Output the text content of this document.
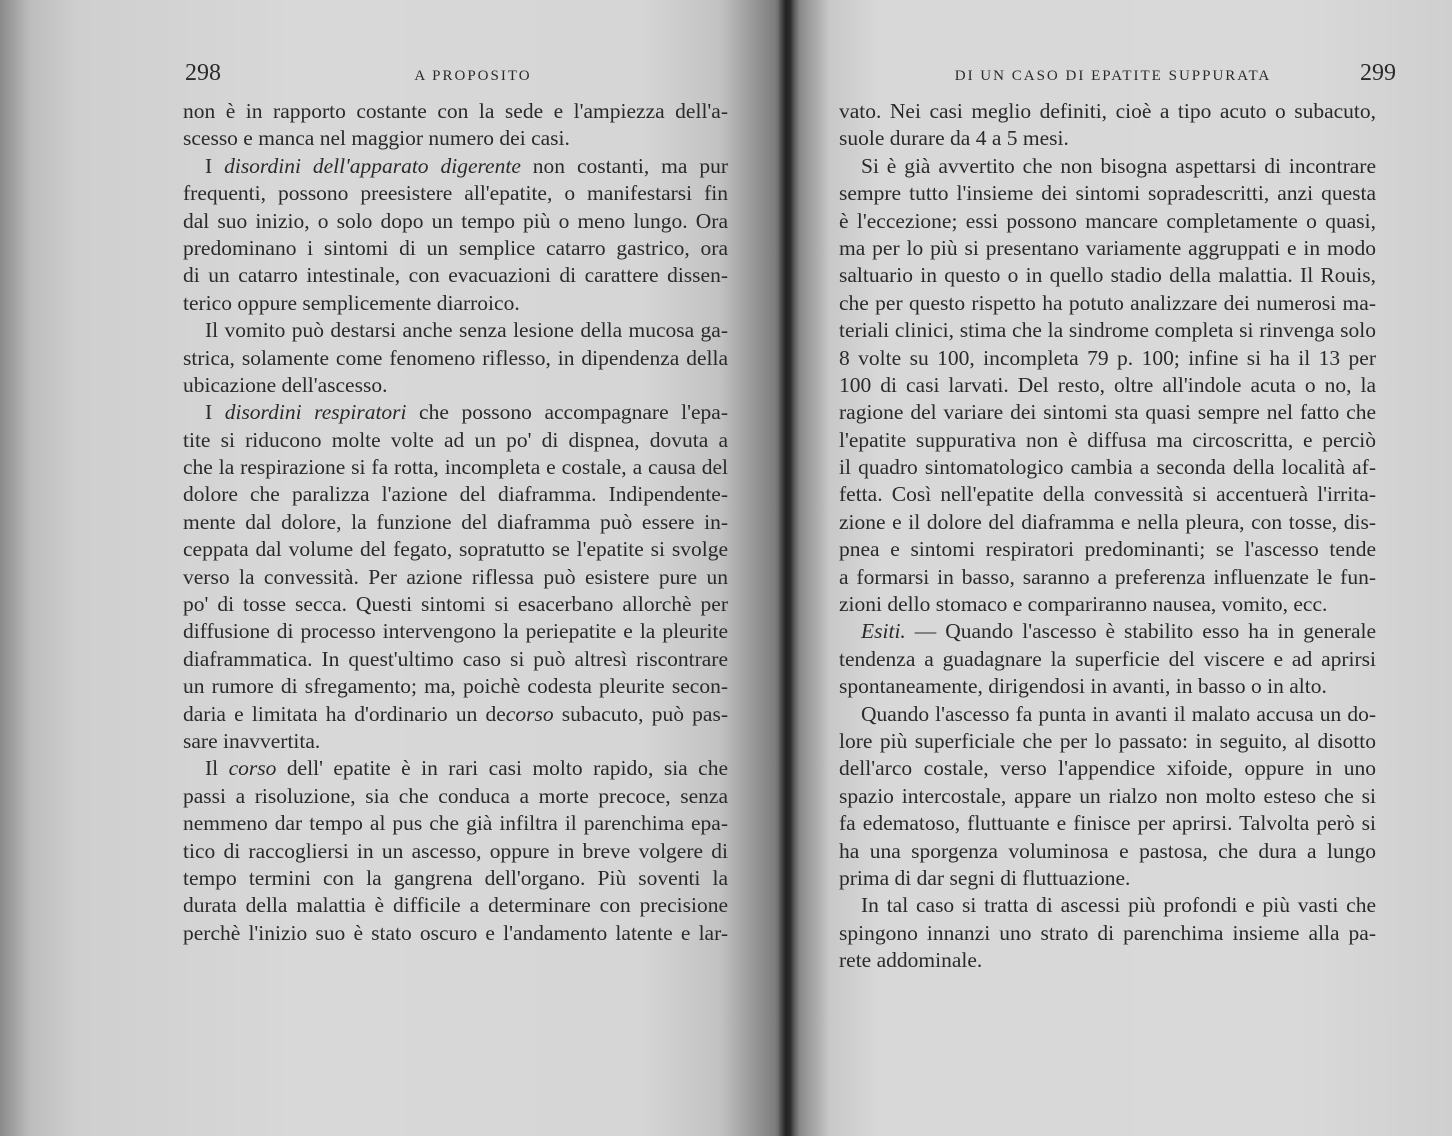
298	A PROPOSITO
non è in rapporto costante con la sede e l'ampiezza dell'a-
scesso e manca nel maggior numero dei casi.
I disordini dell'apparato digerente non costanti, ma pur
frequenti, possono preesistere all'epatite, o manifestarsi fin
dal suo inizio, o solo dopo un tempo più o meno lungo. Ora
predominano i sintomi di un semplice catarro gastrico, ora
di un catarro intestinale, con evacuazioni di carattere dissen-
terico oppure semplicemente diarroico.
Il vomito può destarsi anche senza lesione della mucosa ga-
strica, solamente come fenomeno riflesso, in dipendenza della
ubicazione dell'ascesso.
I disordini respiratori che possono accompagnare l'epa-
tite si riducono molte volte ad un po' di dispnea, dovuta a
che la respirazione si fa rotta, incompleta e costale, a causa del
dolore che paralizza l'azione del diaframma. Indipendente-
mente dal dolore, la funzione del diaframma può essere in-
ceppata dal volume del fegato, sopratutto se l'epatite si svolge
verso la convessità. Per azione riflessa può esistere pure un
po' di tosse secca. Questi sintomi si esacerbano allorchè per
diffusione di processo intervengono la periepatite e la pleurite
diaframmatica. In quest'ultimo caso si può altresì riscontrare
un rumore di sfregamento; ma, poichè codesta pleurite secon-
daria e limitata ha d'ordinario un decorso subacuto, può pas-
sare inavvertita.
Il corso dell' epatite è in rari casi molto rapido, sia che
passi a risoluzione, sia che conduca a morte precoce, senza
nemmeno dar tempo al pus che già infiltra il parenchima epa-
tico di raccogliersi in un ascesso, oppure in breve volgere di
tempo termini con la gangrena dell'organo. Più soventi la
durata della malattia è difficile a determinare con precisione
perchè l'inizio suo è stato oscuro e l'andamento latente e lar-
DI UN CASO DI EPATITE SUPPURATA	299
vato. Nei casi meglio definiti, cioè a tipo acuto o subacuto,
suole durare da 4 a 5 mesi.
Si è già avvertito che non bisogna aspettarsi di incontrare
sempre tutto l'insieme dei sintomi sopradescritti, anzi questa
è l'eccezione; essi possono mancare completamente o quasi,
ma per lo più si presentano variamente aggruppati e in modo
saltuario in questo o in quello stadio della malattia. Il Rouis,
che per questo rispetto ha potuto analizzare dei numerosi ma-
teriali clinici, stima che la sindrome completa si rinvenga solo
8 volte su 100, incompleta 79 p. 100; infine si ha il 13 per
100 di casi larvati. Del resto, oltre all'indole acuta o no, la
ragione del variare dei sintomi sta quasi sempre nel fatto che
l'epatite suppurativa non è diffusa ma circoscritta, e perciò
il quadro sintomatologico cambia a seconda della località af-
fetta. Così nell'epatite della convessità si accentuerà l'irrita-
zione e il dolore del diaframma e nella pleura, con tosse, dis-
pnea e sintomi respiratori predominanti; se l'ascesso tende
a formarsi in basso, saranno a preferenza influenzate le fun-
zioni dello stomaco e compariranno nausea, vomito, ecc.
Esiti. — Quando l'ascesso è stabilito esso ha in generale
tendenza a guadagnare la superficie del viscere e ad aprirsi
spontaneamente, dirigendosi in avanti, in basso o in alto.
Quando l'ascesso fa punta in avanti il malato accusa un do-
lore più superficiale che per lo passato: in seguito, al disotto
dell'arco costale, verso l'appendice xifoide, oppure in uno
spazio intercostale, appare un rialzo non molto esteso che si
fa edematoso, fluttuante e finisce per aprirsi. Talvolta però si
ha una sporgenza voluminosa e pastosa, che dura a lungo
prima di dar segni di fluttuazione.
In tal caso si tratta di ascessi più profondi e più vasti che
spingono innanzi uno strato di parenchima insieme alla pa-
rete addominale.
